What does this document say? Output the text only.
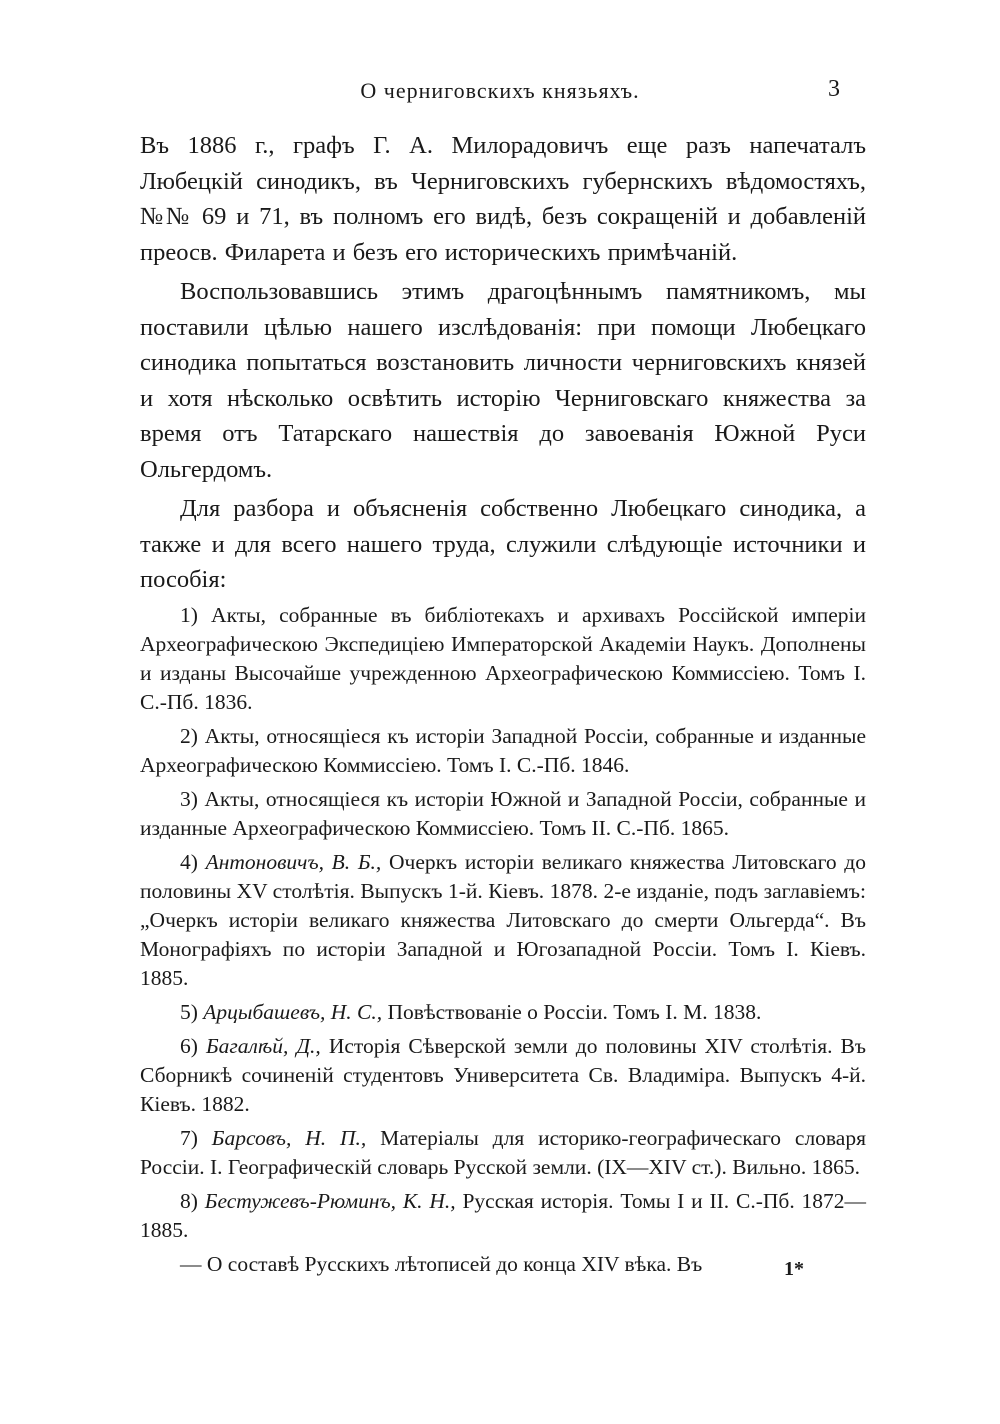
О черниговскихъ князьяхъ.	3

Въ 1886 г., графъ Г. А. Милорадовичъ еще разъ напечаталъ Любецкій синодикъ, въ Черниговскихъ губернскихъ вѣдомостяхъ, №№ 69 и 71, въ полномъ его видѣ, безъ сокращеній и добавленій преосв. Филарета и безъ его историческихъ примѣчаній.

Воспользовавшись этимъ драгоцѣннымъ памятникомъ, мы поставили цѣлью нашего изслѣдованія: при помощи Любецкаго синодика попытаться возстановить личности черниговскихъ князей и хотя нѣсколько освѣтить исторію Черниговскаго княжества за время отъ Татарскаго нашествія до завоеванія Южной Руси Ольгердомъ.

Для разбора и объясненія собственно Любецкаго синодика, а также и для всего нашего труда, служили слѣдующіе источники и пособія:

1) Акты, собранные въ библіотекахъ и архивахъ Россійской имперіи Археографическою Экспедиціею Императорской Академіи Наукъ. Дополнены и изданы Высочайше учрежденною Археографическою Коммиссіею. Томъ I. С.-Пб. 1836.

2) Акты, относящіеся къ исторіи Западной Россіи, собранные и изданные Археографическою Коммиссіею. Томъ I. С.-Пб. 1846.

3) Акты, относящіеся къ исторіи Южной и Западной Россіи, собранные и изданные Археографическою Коммиссіею. Томъ II. С.-Пб. 1865.

4) Антоновичъ, В. Б., Очеркъ исторіи великаго княжества Литовскаго до половины XV столѣтія. Выпускъ 1-й. Кіевъ. 1878. 2-е изданіе, подъ заглавіемъ: „Очеркъ исторіи великаго княжества Литовскаго до смерти Ольгерда“. Въ Монографіяхъ по исторіи Западной и Югозападной Россіи. Томъ I. Кіевъ. 1885.

5) Арцыбашевъ, Н. С., Повѣствованіе о Россіи. Томъ I. М. 1838.

6) Багалѣй, Д., Исторія Сѣверской земли до половины XIV столѣтія. Въ Сборникѣ сочиненій студентовъ Университета Св. Владиміра. Выпускъ 4-й. Кіевъ. 1882.

7) Барсовъ, Н. П., Матеріалы для историко-географическаго словаря Россіи. I. Географическій словарь Русской земли. (IX—XIV ст.). Вильно. 1865.

8) Бестужевъ-Рюминъ, К. Н., Русская исторія. Томы I и II. С.-Пб. 1872—1885.

— О составѣ Русскихъ лѣтописей до конца XIV вѣка. Въ	1*
